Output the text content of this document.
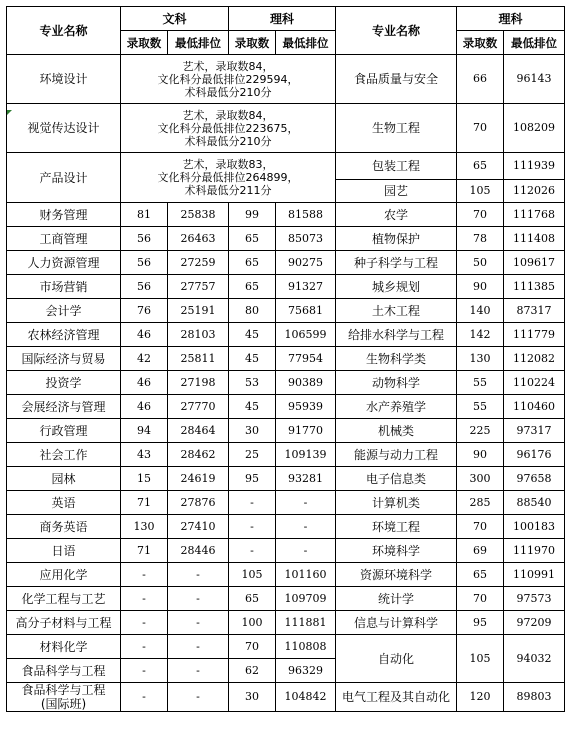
专业名称	文科		理科		专业名称	理科	
	录取数	最低排位	录取数	最低排位		录取数	最低排位
环境设计	艺术，录取数84，
文化科分最低排位229594，
术科最低分210分				食品质量与安全	66	96143
视觉传达设计	艺术，录取数84，
文化科分最低排位223675，
术科最低分210分				生物工程	70	108209
产品设计	艺术，录取数83，
文化科分最低排位264899，
术科最低分211分				包装工程	65	111939
					园艺	105	112026
财务管理	81	25838	99	81588	农学	70	111768
工商管理	56	26463	65	85073	植物保护	78	111408
人力资源管理	56	27259	65	90275	种子科学与工程	50	109617
市场营销	56	27757	65	91327	城乡规划	90	111385
会计学	76	25191	80	75681	土木工程	140	87317
农林经济管理	46	28103	45	106599	给排水科学与工程	142	111779
国际经济与贸易	42	25811	45	77954	生物科学类	130	112082
投资学	46	27198	53	90389	动物科学	55	110224
会展经济与管理	46	27770	45	95939	水产养殖学	55	110460
行政管理	94	28464	30	91770	机械类	225	97317
社会工作	43	28462	25	109139	能源与动力工程	90	96176
园林	15	24619	95	93281	电子信息类	300	97658
英语	71	27876	-	-	计算机类	285	88540
商务英语	130	27410	-	-	环境工程	70	100183
日语	71	28446	-	-	环境科学	69	111970
应用化学	-	-	105	101160	资源环境科学	65	110991
化学工程与工艺	-	-	65	109709	统计学	70	97573
高分子材料与工程	-	-	100	111881	信息与计算科学	95	97209
材料化学	-	-	70	110808	自动化	105	94032
食品科学与工程	-	-	62	96329			
食品科学与工程
(国际班)	-	-	30	104842	电气工程及其自动化	120	89803
